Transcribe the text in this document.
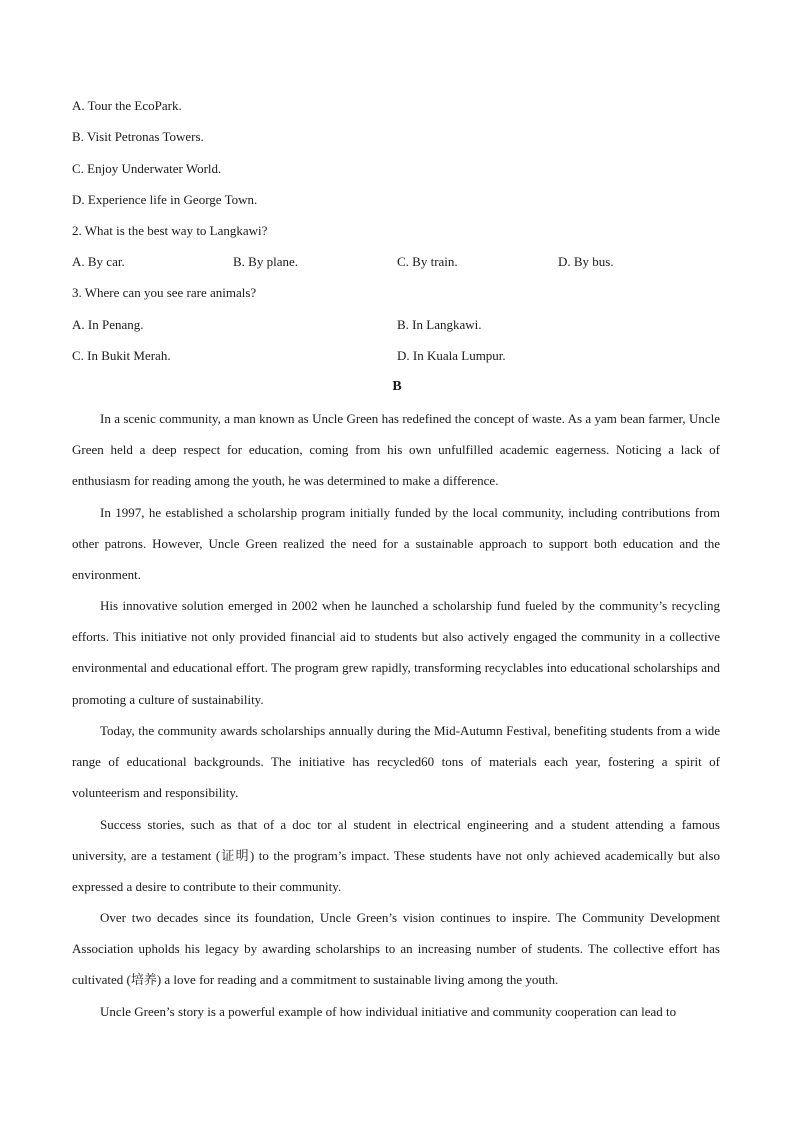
A. Tour the EcoPark.
B. Visit Petronas Towers.
C. Enjoy Underwater World.
D. Experience life in George Town.
2. What is the best way to Langkawi?
A. By car.	B. By plane.	C. By train.	D. By bus.
3. Where can you see rare animals?
A. In Penang.	B. In Langkawi.
C. In Bukit Merah.	D. In Kuala Lumpur.
B

In a scenic community, a man known as Uncle Green has redefined the concept of waste. As a yam bean farmer, Uncle Green held a deep respect for education, coming from his own unfulfilled academic eagerness. Noticing a lack of enthusiasm for reading among the youth, he was determined to make a difference.

In 1997, he established a scholarship program initially funded by the local community, including contributions from other patrons. However, Uncle Green realized the need for a sustainable approach to support both education and the environment.

His innovative solution emerged in 2002 when he launched a scholarship fund fueled by the community’s recycling efforts. This initiative not only provided financial aid to students but also actively engaged the community in a collective environmental and educational effort. The program grew rapidly, transforming recyclables into educational scholarships and promoting a culture of sustainability.

Today, the community awards scholarships annually during the Mid-Autumn Festival, benefiting students from a wide range of educational backgrounds. The initiative has recycled60 tons of materials each year, fostering a spirit of volunteerism and responsibility.

Success stories, such as that of a doc tor al student in electrical engineering and a student attending a famous university, are a testament (证明) to the program’s impact. These students have not only achieved academically but also expressed a desire to contribute to their community.

Over two decades since its foundation, Uncle Green’s vision continues to inspire. The Community Development Association upholds his legacy by awarding scholarships to an increasing number of students. The collective effort has cultivated (培养) a love for reading and a commitment to sustainable living among the youth.

Uncle Green’s story is a powerful example of how individual initiative and community cooperation can lead to
